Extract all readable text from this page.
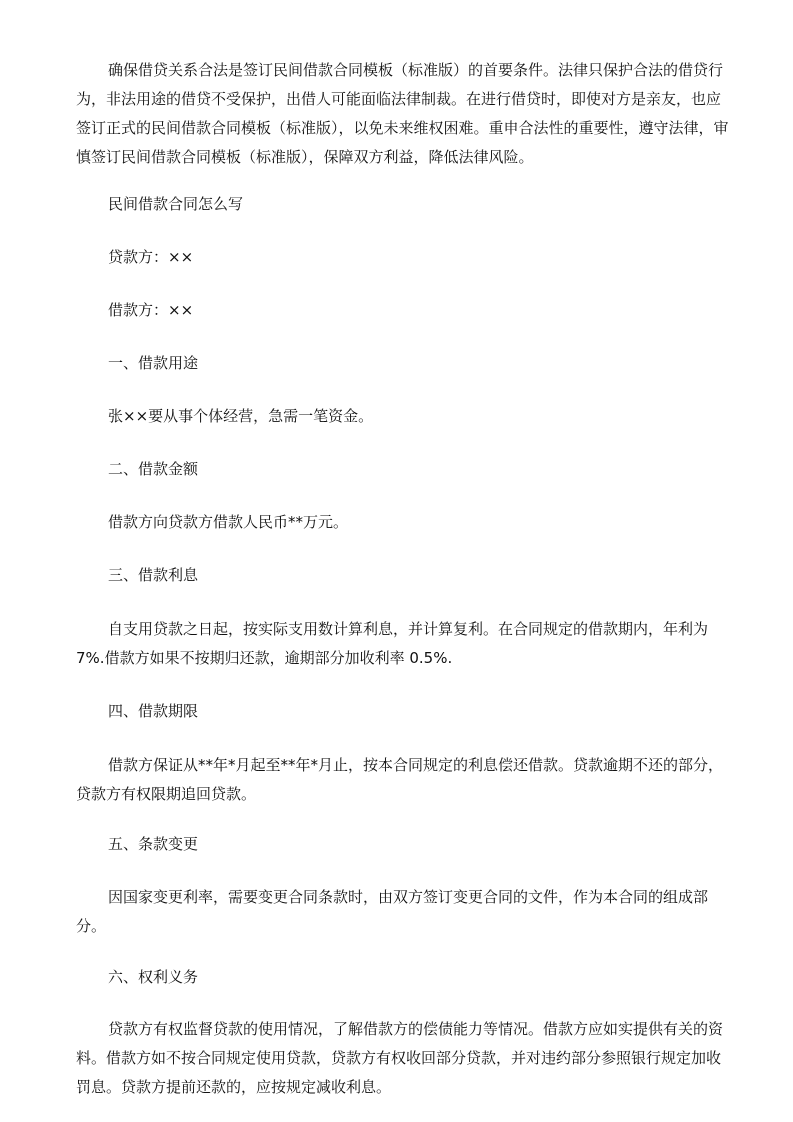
确保借贷关系合法是签订民间借款合同模板（标准版）的首要条件。法律只保护合法的借贷行为，非法用途的借贷不受保护，出借人可能面临法律制裁。在进行借贷时，即使对方是亲友，也应签订正式的民间借款合同模板（标准版），以免未来维权困难。重申合法性的重要性，遵守法律，审慎签订民间借款合同模板（标准版），保障双方利益，降低法律风险。

民间借款合同怎么写

贷款方：××

借款方：××

一、借款用途

张××要从事个体经营，急需一笔资金。

二、借款金额

借款方向贷款方借款人民币**万元。

三、借款利息

自支用贷款之日起，按实际支用数计算利息，并计算复利。在合同规定的借款期内，年利为 7%.借款方如果不按期归还款，逾期部分加收利率 0.5%.

四、借款期限

借款方保证从**年*月起至**年*月止，按本合同规定的利息偿还借款。贷款逾期不还的部分，贷款方有权限期追回贷款。

五、条款变更

因国家变更利率，需要变更合同条款时，由双方签订变更合同的文件，作为本合同的组成部分。

六、权利义务

贷款方有权监督贷款的使用情况，了解借款方的偿债能力等情况。借款方应如实提供有关的资料。借款方如不按合同规定使用贷款，贷款方有权收回部分贷款，并对违约部分参照银行规定加收罚息。贷款方提前还款的，应按规定减收利息。
